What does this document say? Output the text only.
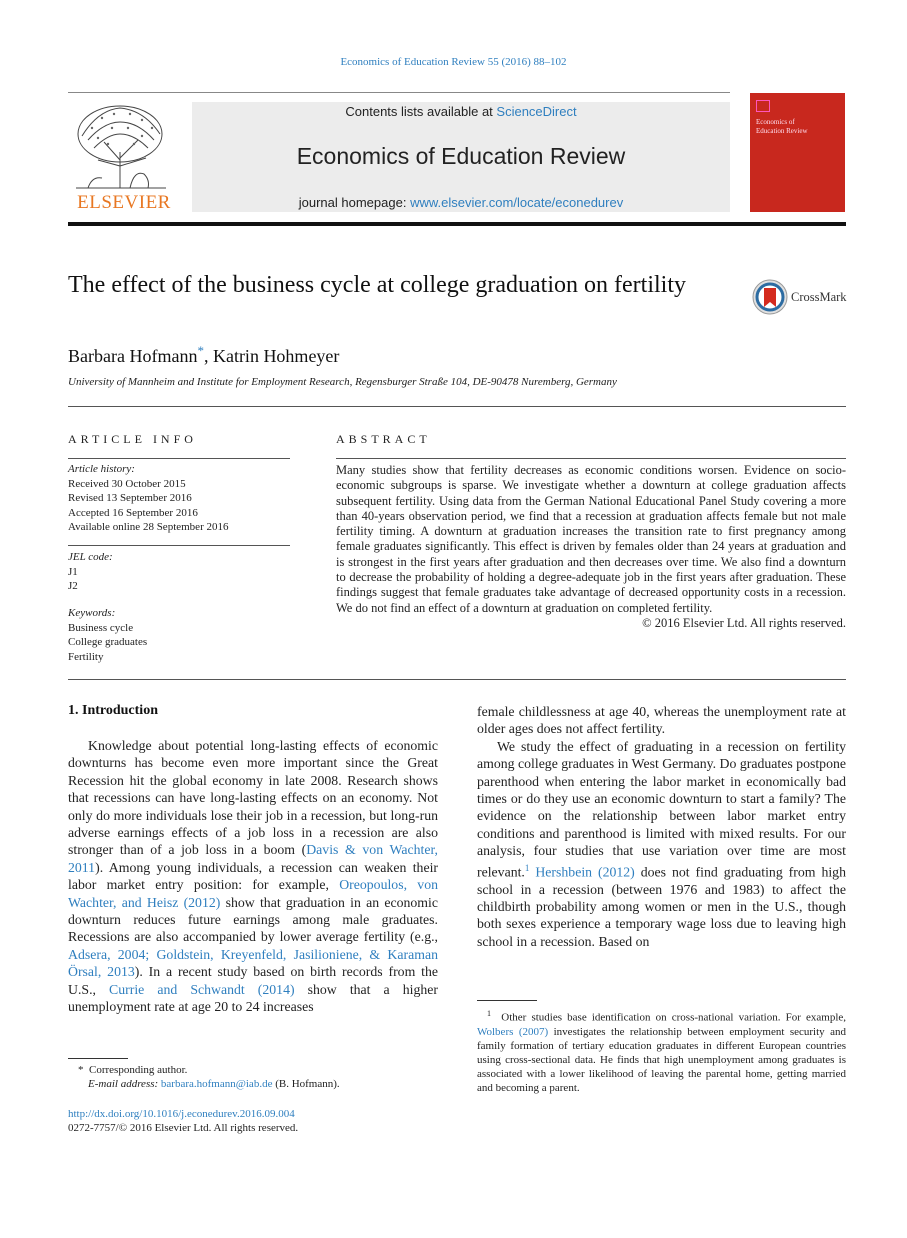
Economics of Education Review 55 (2016) 88–102
Contents lists available at ScienceDirect
Economics of Education Review
journal homepage: www.elsevier.com/locate/econedurev
ELSEVIER
Economics of
Education Review
The effect of the business cycle at college graduation on fertility	CrossMark
Barbara Hofmann*, Katrin Hohmeyer
University of Mannheim and Institute for Employment Research, Regensburger Straße 104, DE-90478 Nuremberg, Germany
ARTICLE INFO
Article history:
Received 30 October 2015
Revised 13 September 2016
Accepted 16 September 2016
Available online 28 September 2016
JEL code:
J1
J2
Keywords:
Business cycle
College graduates
Fertility
ABSTRACT

Many studies show that fertility decreases as economic conditions worsen. Evidence on socio-economic subgroups is sparse. We investigate whether a downturn at college graduation affects subsequent fertility. Using data from the German National Educational Panel Study covering a more than 40-years observation period, we find that a recession at graduation affects female but not male fertility timing. A downturn at graduation increases the transition rate to first pregnancy among female graduates significantly. This effect is driven by females older than 24 years at graduation and is strongest in the first years after graduation and then decreases over time. We also find a downturn to decrease the probability of holding a degree-adequate job in the first years after graduation. These findings suggest that female graduates take advantage of decreased opportunity costs in a recession. We do not find an effect of a downturn at graduation on completed fertility.

© 2016 Elsevier Ltd. All rights reserved.

1. Introduction

Knowledge about potential long-lasting effects of economic downturns has become even more important since the Great Recession hit the global economy in late 2008. Research shows that recessions can have long-lasting effects on an economy. Not only do more individuals lose their job in a recession, but long-run adverse earnings effects of a job loss in a recession are also stronger than of a job loss in a boom (Davis & von Wachter, 2011). Among young individuals, a recession can weaken their labor market entry position: for example, Oreopoulos, von Wachter, and Heisz (2012) show that graduation in an economic downturn reduces future earnings among male graduates. Recessions are also accompanied by lower average fertility (e.g., Adsera, 2004; Goldstein, Kreyenfeld, Jasilioniene, & Karaman Örsal, 2013). In a recent study based on birth records from the U.S., Currie and Schwandt (2014) show that a higher unemployment rate at age 20 to 24 increases

* Corresponding author.
E-mail address: barbara.hofmann@iab.de (B. Hofmann).
http://dx.doi.org/10.1016/j.econedurev.2016.09.004
0272-7757/© 2016 Elsevier Ltd. All rights reserved.

female childlessness at age 40, whereas the unemployment rate at older ages does not affect fertility.

We study the effect of graduating in a recession on fertility among college graduates in West Germany. Do graduates postpone parenthood when entering the labor market in economically bad times or do they use an economic downturn to start a family? The evidence on the relationship between labor market entry conditions and parenthood is limited with mixed results. For our analysis, four studies that use variation over time are most relevant.$^1$ Hershbein (2012) does not find graduating from high school in a recession (between 1976 and 1983) to affect the childbirth probability among women or men in the U.S., though both sexes experience a temporary wage loss due to leaving high school in a recession. Based on

$^1$ Other studies base identification on cross-national variation. For example, Wolbers (2007) investigates the relationship between employment security and family formation of tertiary education graduates in different European countries using cross-sectional data. He finds that high unemployment among graduates is associated with a lower likelihood of leaving the parental home, getting married and becoming a parent.
